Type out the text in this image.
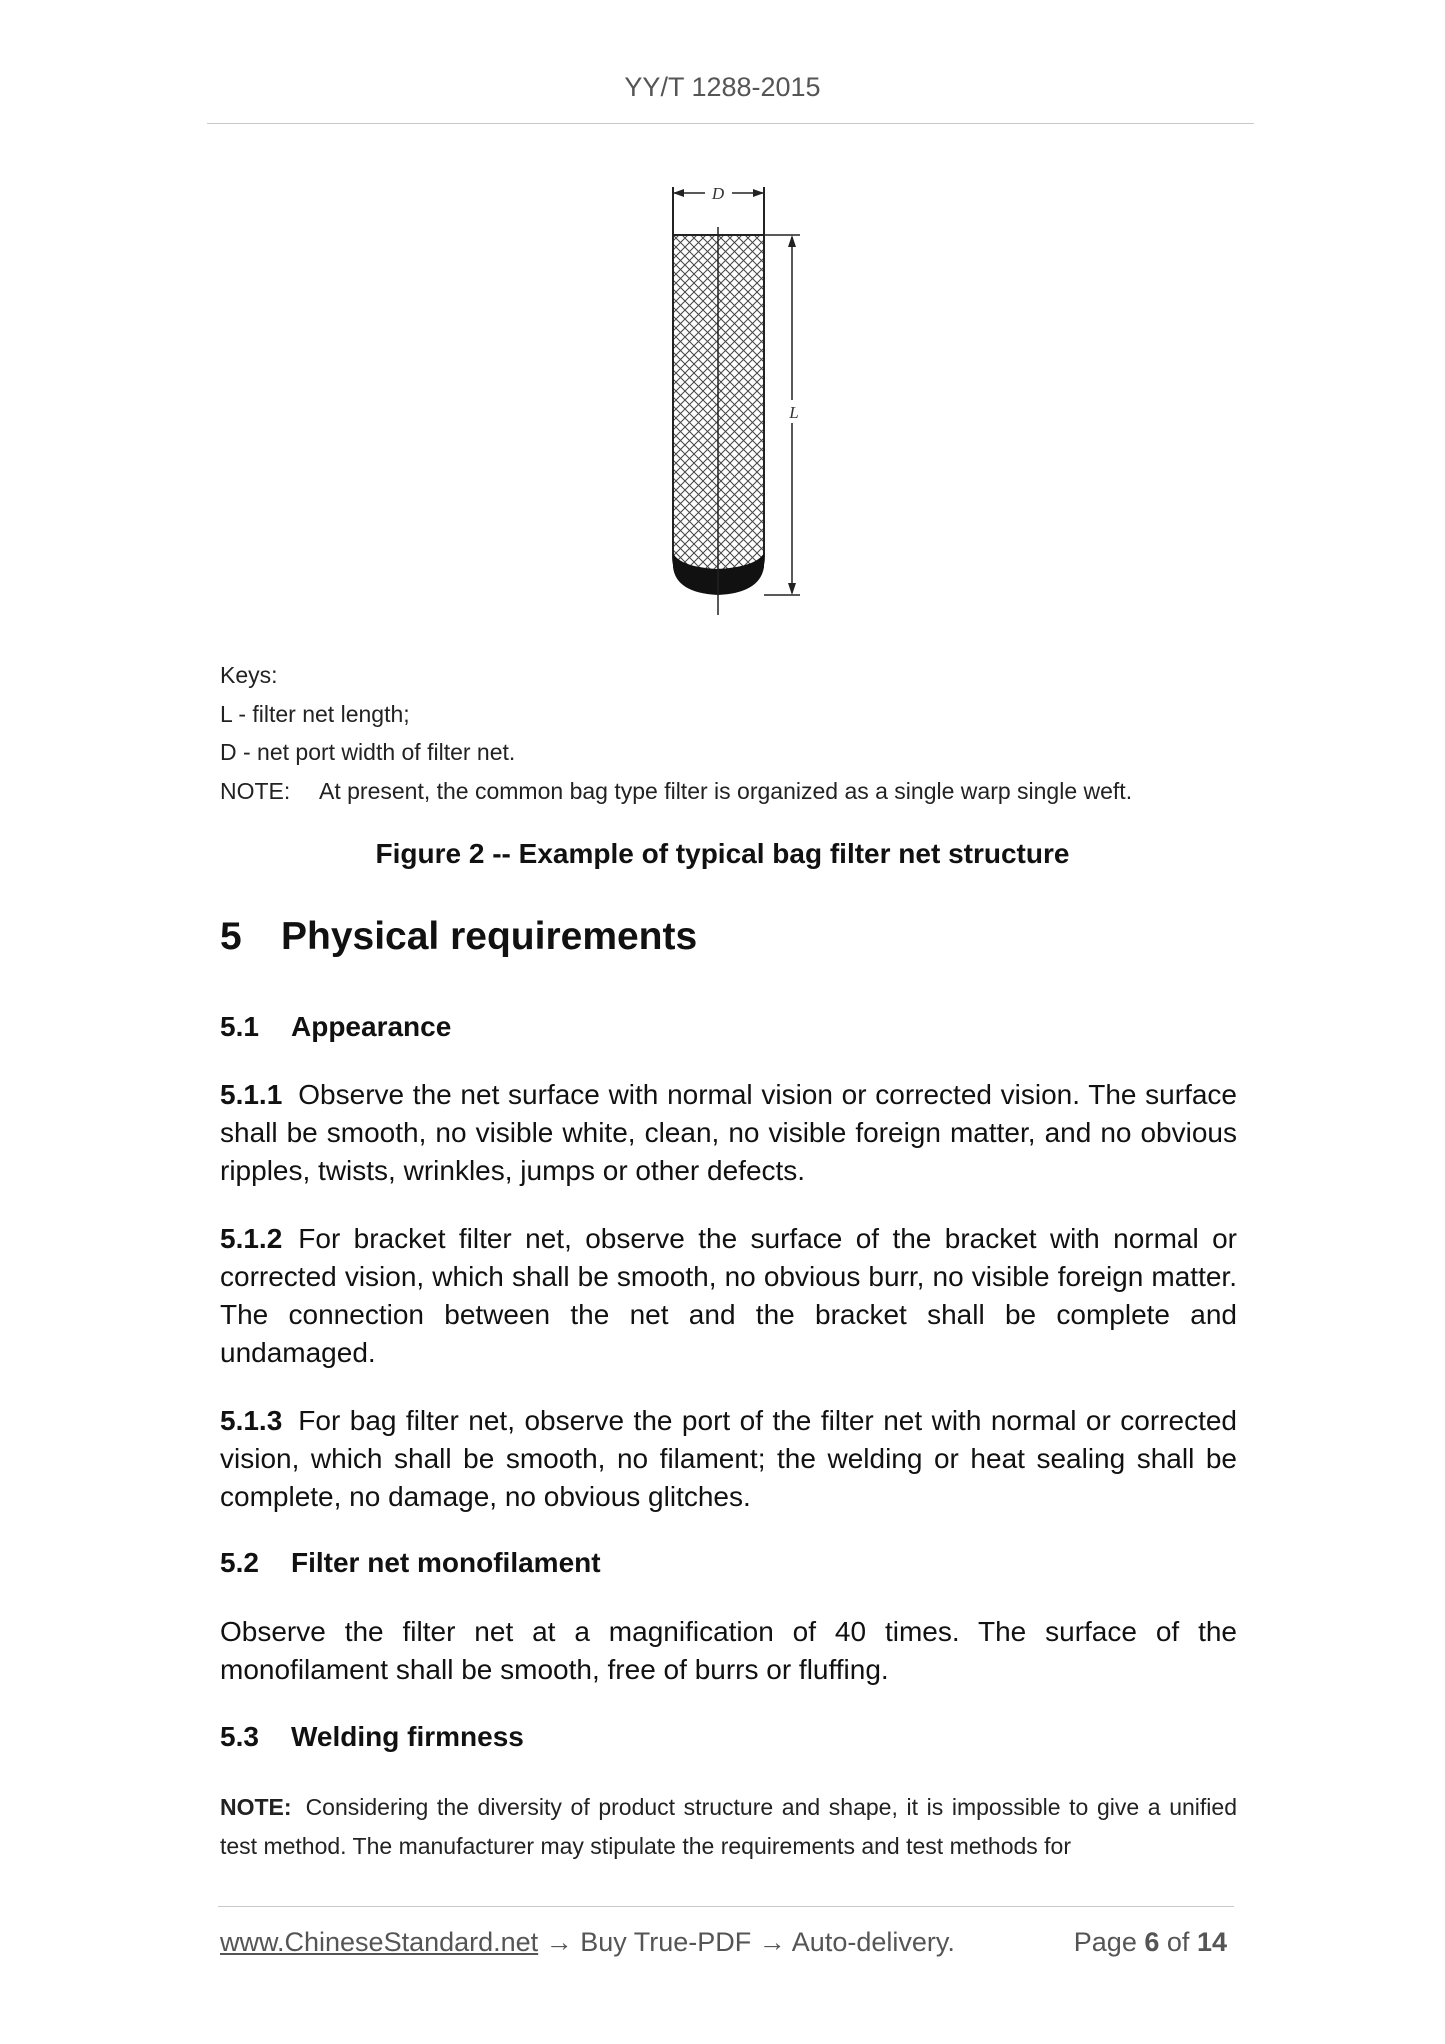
YY/T 1288-2015
D
L
Keys:
L - filter net length;
D - net port width of filter net.
NOTE:	At present, the common bag type filter is organized as a single warp single weft.
Figure 2 -- Example of typical bag filter net structure
5 Physical requirements
5.1 Appearance
5.1.1 Observe the net surface with normal vision or corrected vision. The surface shall be smooth, no visible white, clean, no visible foreign matter, and no obvious ripples, twists, wrinkles, jumps or other defects.
5.1.2 For bracket filter net, observe the surface of the bracket with normal or corrected vision, which shall be smooth, no obvious burr, no visible foreign matter. The connection between the net and the bracket shall be complete and undamaged.
5.1.3 For bag filter net, observe the port of the filter net with normal or corrected vision, which shall be smooth, no filament; the welding or heat sealing shall be complete, no damage, no obvious glitches.
5.2 Filter net monofilament
Observe the filter net at a magnification of 40 times. The surface of the monofilament shall be smooth, free of burrs or fluffing.
5.3 Welding firmness
NOTE: Considering the diversity of product structure and shape, it is impossible to give a unified test method. The manufacturer may stipulate the requirements and test methods for
www.ChineseStandard.net → Buy True-PDF → Auto-delivery.	Page 6 of 14
